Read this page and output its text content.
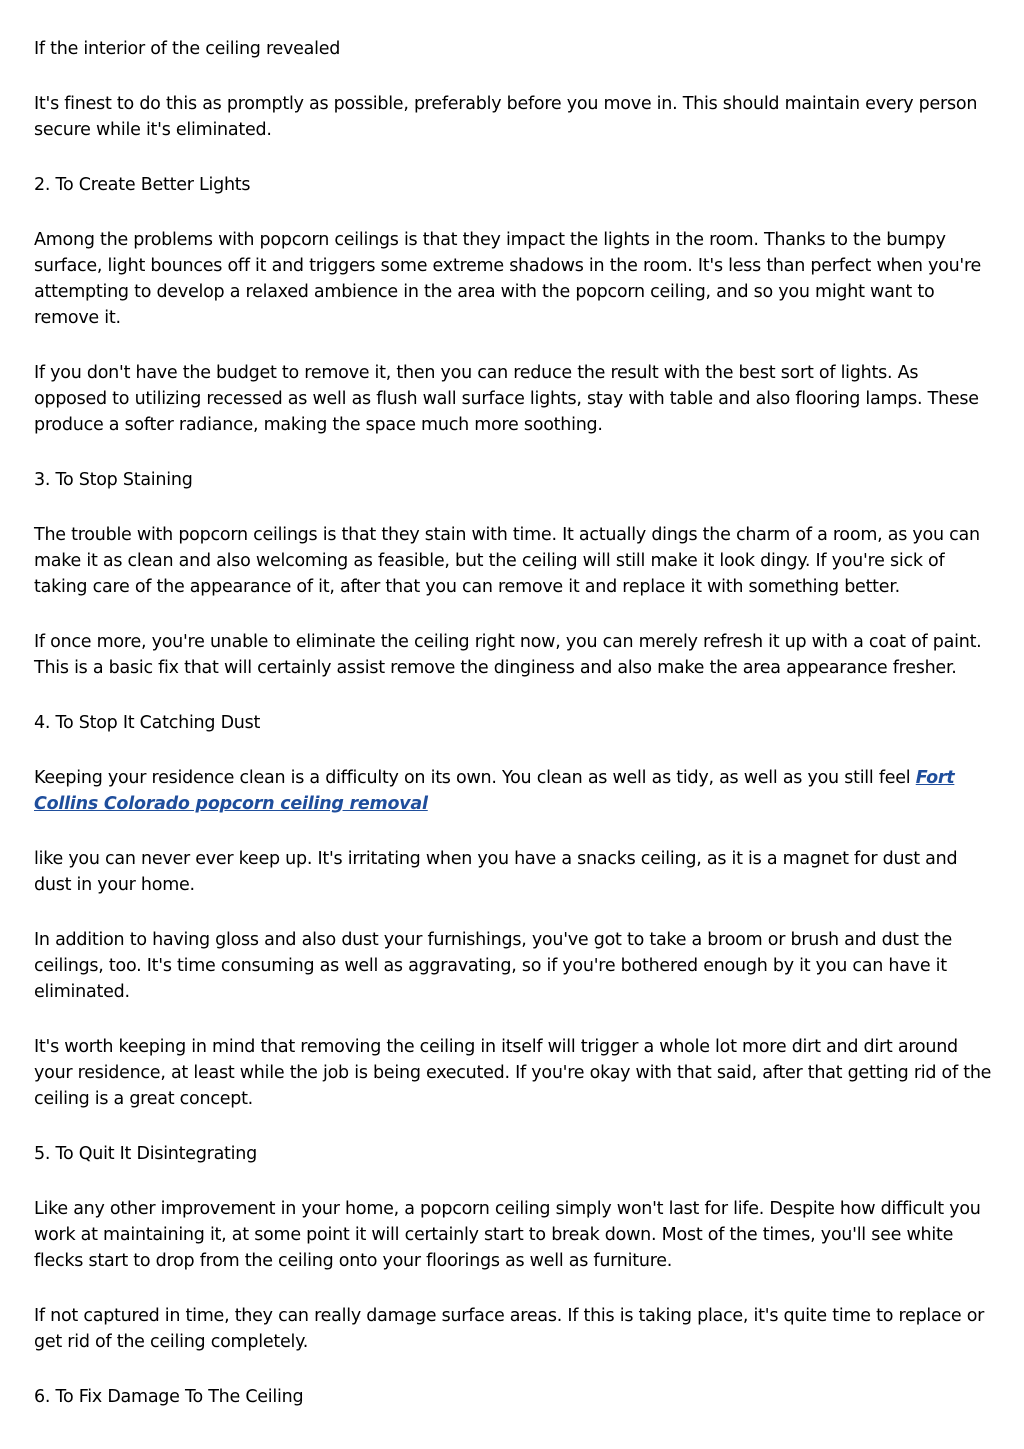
If the interior of the ceiling revealed

It's finest to do this as promptly as possible, preferably before you move in. This should maintain every person secure while it's eliminated.

2. To Create Better Lights

Among the problems with popcorn ceilings is that they impact the lights in the room. Thanks to the bumpy surface, light bounces off it and triggers some extreme shadows in the room. It's less than perfect when you're attempting to develop a relaxed ambience in the area with the popcorn ceiling, and so you might want to remove it.

If you don't have the budget to remove it, then you can reduce the result with the best sort of lights. As opposed to utilizing recessed as well as flush wall surface lights, stay with table and also flooring lamps. These produce a softer radiance, making the space much more soothing.

3. To Stop Staining

The trouble with popcorn ceilings is that they stain with time. It actually dings the charm of a room, as you can make it as clean and also welcoming as feasible, but the ceiling will still make it look dingy. If you're sick of taking care of the appearance of it, after that you can remove it and replace it with something better.

If once more, you're unable to eliminate the ceiling right now, you can merely refresh it up with a coat of paint. This is a basic fix that will certainly assist remove the dinginess and also make the area appearance fresher.

4. To Stop It Catching Dust

Keeping your residence clean is a difficulty on its own. You clean as well as tidy, as well as you still feel Fort Collins Colorado popcorn ceiling removal

like you can never ever keep up. It's irritating when you have a snacks ceiling, as it is a magnet for dust and dust in your home.

In addition to having gloss and also dust your furnishings, you've got to take a broom or brush and dust the ceilings, too. It's time consuming as well as aggravating, so if you're bothered enough by it you can have it eliminated.

It's worth keeping in mind that removing the ceiling in itself will trigger a whole lot more dirt and dirt around your residence, at least while the job is being executed. If you're okay with that said, after that getting rid of the ceiling is a great concept.

5. To Quit It Disintegrating

Like any other improvement in your home, a popcorn ceiling simply won't last for life. Despite how difficult you work at maintaining it, at some point it will certainly start to break down. Most of the times, you'll see white flecks start to drop from the ceiling onto your floorings as well as furniture.

If not captured in time, they can really damage surface areas. If this is taking place, it's quite time to replace or get rid of the ceiling completely.

6. To Fix Damage To The Ceiling
